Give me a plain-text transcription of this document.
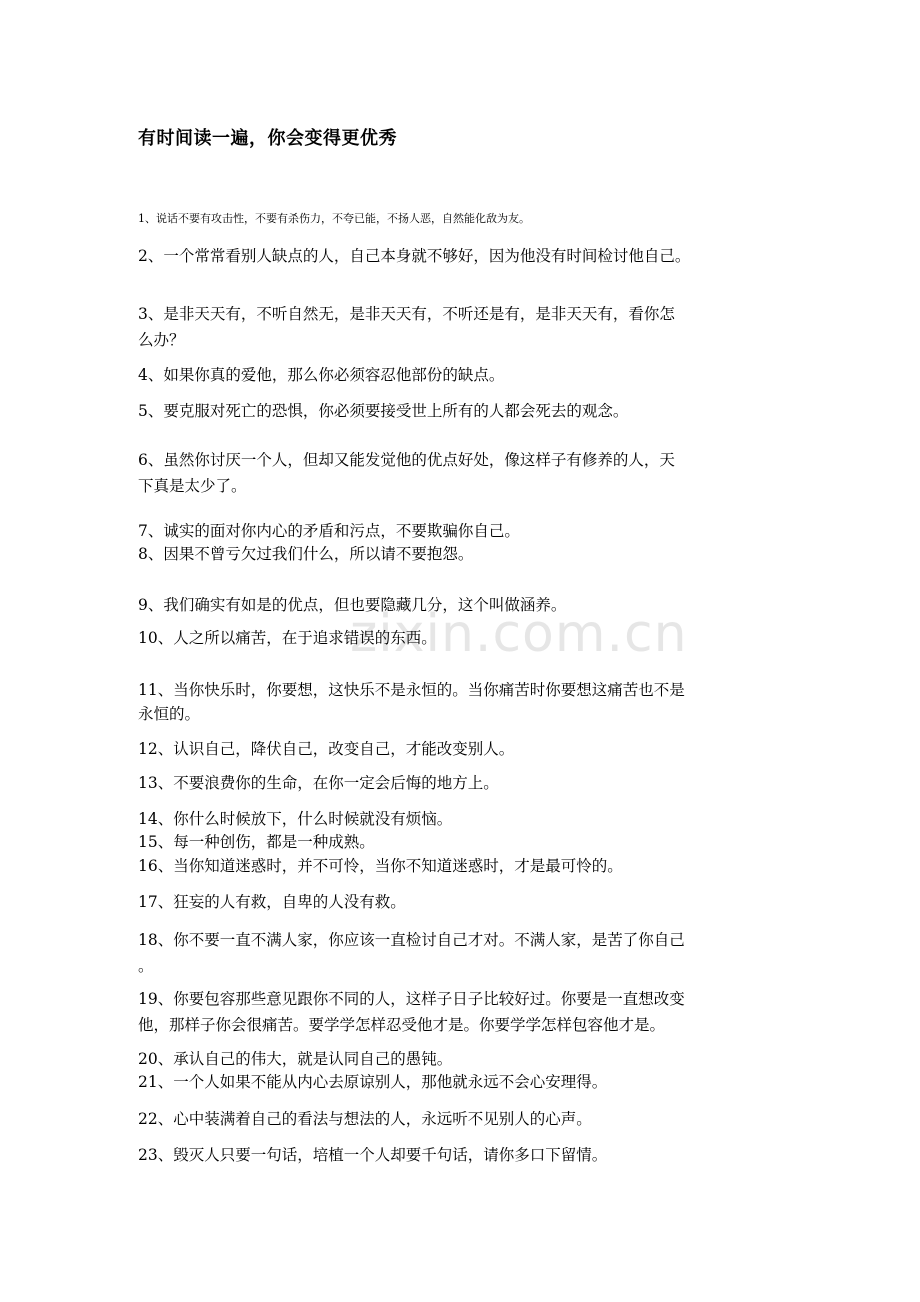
zixin.com.cn
有时间读一遍，你会变得更优秀
1、说话不要有攻击性，不要有杀伤力，不夸已能，不扬人恶，自然能化敌为友。
2、一个常常看别人缺点的人，自己本身就不够好，因为他没有时间检讨他自己。
3、是非天天有，不听自然无，是非天天有，不听还是有，是非天天有，看你怎
么办？
4、如果你真的爱他，那么你必须容忍他部份的缺点。
5、要克服对死亡的恐惧，你必须要接受世上所有的人都会死去的观念。
6、虽然你讨厌一个人，但却又能发觉他的优点好处，像这样子有修养的人，天
下真是太少了。
7、诚实的面对你内心的矛盾和污点，不要欺骗你自己。
8、因果不曾亏欠过我们什么，所以请不要抱怨。
9、我们确实有如是的优点，但也要隐藏几分，这个叫做涵养。
10、人之所以痛苦，在于追求错误的东西。
11、当你快乐时，你要想，这快乐不是永恒的。当你痛苦时你要想这痛苦也不是
永恒的。
12、认识自己，降伏自己，改变自己，才能改变别人。
13、不要浪费你的生命，在你一定会后悔的地方上。
14、你什么时候放下，什么时候就没有烦恼。
15、每一种创伤，都是一种成熟。
16、当你知道迷惑时，并不可怜，当你不知道迷惑时，才是最可怜的。
17、狂妄的人有救，自卑的人没有救。
18、你不要一直不满人家，你应该一直检讨自己才对。不满人家，是苦了你自己
。
19、你要包容那些意见跟你不同的人，这样子日子比较好过。你要是一直想改变
他，那样子你会很痛苦。要学学怎样忍受他才是。你要学学怎样包容他才是。
20、承认自己的伟大，就是认同自己的愚钝。
21、一个人如果不能从内心去原谅别人，那他就永远不会心安理得。
22、心中装满着自己的看法与想法的人，永远听不见别人的心声。
23、毁灭人只要一句话，培植一个人却要千句话，请你多口下留情。
